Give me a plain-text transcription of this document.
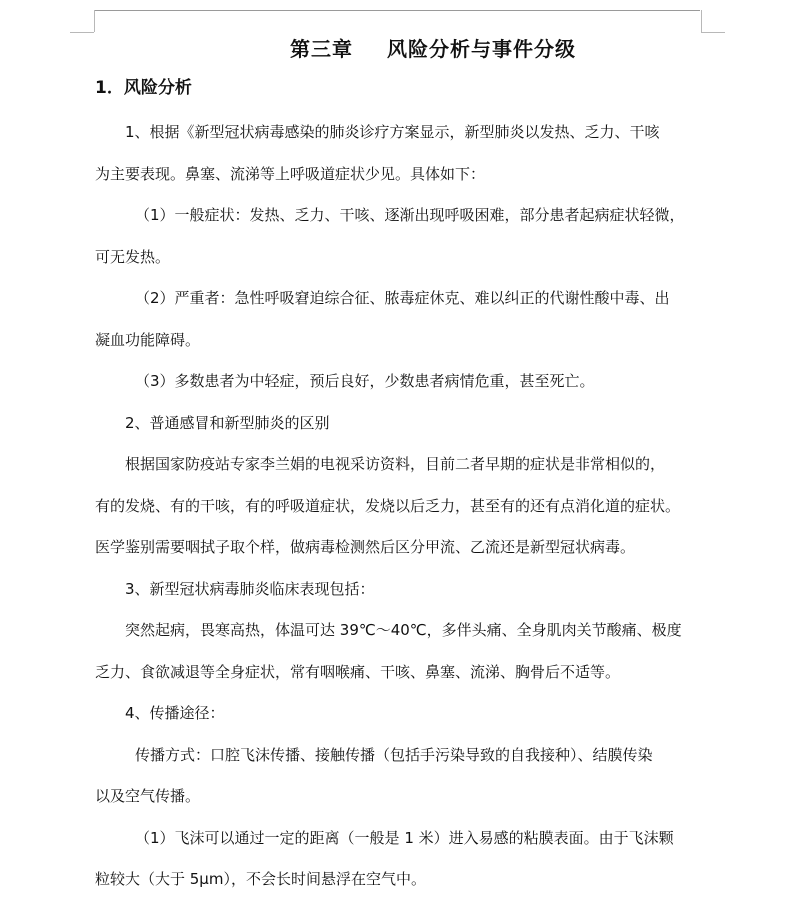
第三章 风险分析与事件分级
1．风险分析
1、根据《新型冠状病毒感染的肺炎诊疗方案显示，新型肺炎以发热、乏力、干咳
为主要表现。鼻塞、流涕等上呼吸道症状少见。具体如下：
（1）一般症状：发热、乏力、干咳、逐渐出现呼吸困难，部分患者起病症状轻微，
可无发热。
（2）严重者：急性呼吸窘迫综合征、脓毒症休克、难以纠正的代谢性酸中毒、出
凝血功能障碍。
（3）多数患者为中轻症，预后良好，少数患者病情危重，甚至死亡。
2、普通感冒和新型肺炎的区别
根据国家防疫站专家李兰娟的电视采访资料，目前二者早期的症状是非常相似的，
有的发烧、有的干咳，有的呼吸道症状，发烧以后乏力，甚至有的还有点消化道的症状。
医学鉴别需要咽拭子取个样，做病毒检测然后区分甲流、乙流还是新型冠状病毒。
3、新型冠状病毒肺炎临床表现包括：
突然起病，畏寒高热，体温可达 39℃～40℃，多伴头痛、全身肌肉关节酸痛、极度
乏力、食欲减退等全身症状，常有咽喉痛、干咳、鼻塞、流涕、胸骨后不适等。
4、传播途径：
传播方式：口腔飞沫传播、接触传播（包括手污染导致的自我接种）、结膜传染
以及空气传播。
（1）飞沫可以通过一定的距离（一般是 1 米）进入易感的粘膜表面。由于飞沫颗
粒较大（大于 5μm），不会长时间悬浮在空气中。
